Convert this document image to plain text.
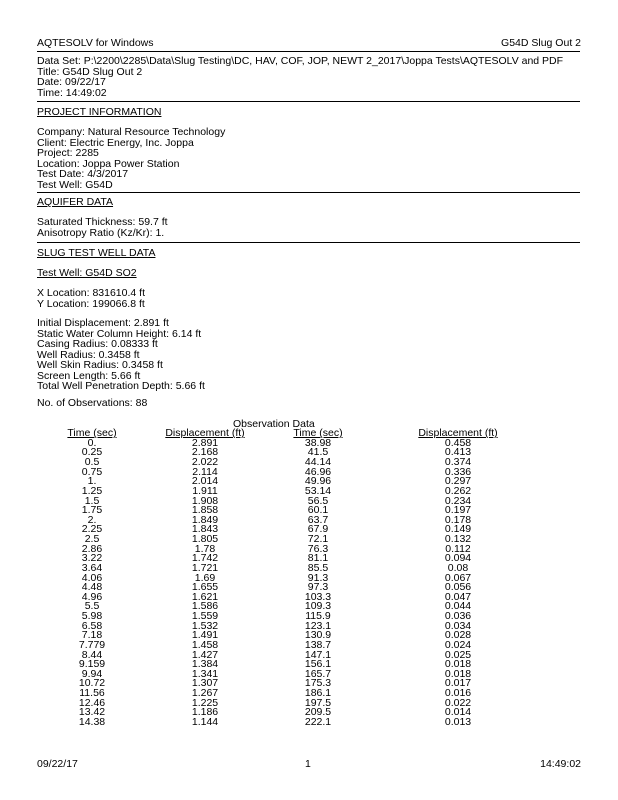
AQTESOLV for Windows	G54D Slug Out 2
Data Set: P:\2200\2285\Data\Slug Testing\DC, HAV, COF, JOP, NEWT 2_2017\Joppa Tests\AQTESOLV and PDF
Title: G54D Slug Out 2
Date: 09/22/17
Time: 14:49:02
PROJECT INFORMATION
Company: Natural Resource Technology
Client: Electric Energy, Inc. Joppa
Project: 2285
Location: Joppa Power Station
Test Date: 4/3/2017
Test Well: G54D
AQUIFER DATA
Saturated Thickness: 59.7 ft
Anisotropy Ratio (Kz/Kr): 1.
SLUG TEST WELL DATA
Test Well: G54D SO2
X Location: 831610.4 ft
Y Location: 199066.8 ft
Initial Displacement: 2.891 ft
Static Water Column Height: 6.14 ft
Casing Radius: 0.08333 ft
Well Radius: 0.3458 ft
Well Skin Radius: 0.3458 ft
Screen Length: 5.66 ft
Total Well Penetration Depth: 5.66 ft
No. of Observations: 88
Observation Data
Time (sec)	Displacement (ft)	Time (sec)	Displacement (ft)
0.	2.891	38.98	0.458
0.25	2.168	41.5	0.413
0.5	2.022	44.14	0.374
0.75	2.114	46.96	0.336
1.	2.014	49.96	0.297
1.25	1.911	53.14	0.262
1.5	1.908	56.5	0.234
1.75	1.858	60.1	0.197
2.	1.849	63.7	0.178
2.25	1.843	67.9	0.149
2.5	1.805	72.1	0.132
2.86	1.78	76.3	0.112
3.22	1.742	81.1	0.094
3.64	1.721	85.5	0.08
4.06	1.69	91.3	0.067
4.48	1.655	97.3	0.056
4.96	1.621	103.3	0.047
5.5	1.586	109.3	0.044
5.98	1.559	115.9	0.036
6.58	1.532	123.1	0.034
7.18	1.491	130.9	0.028
7.779	1.458	138.7	0.024
8.44	1.427	147.1	0.025
9.159	1.384	156.1	0.018
9.94	1.341	165.7	0.018
10.72	1.307	175.3	0.017
11.56	1.267	186.1	0.016
12.46	1.225	197.5	0.022
13.42	1.186	209.5	0.014
14.38	1.144	222.1	0.013
09/22/17	1	14:49:02
